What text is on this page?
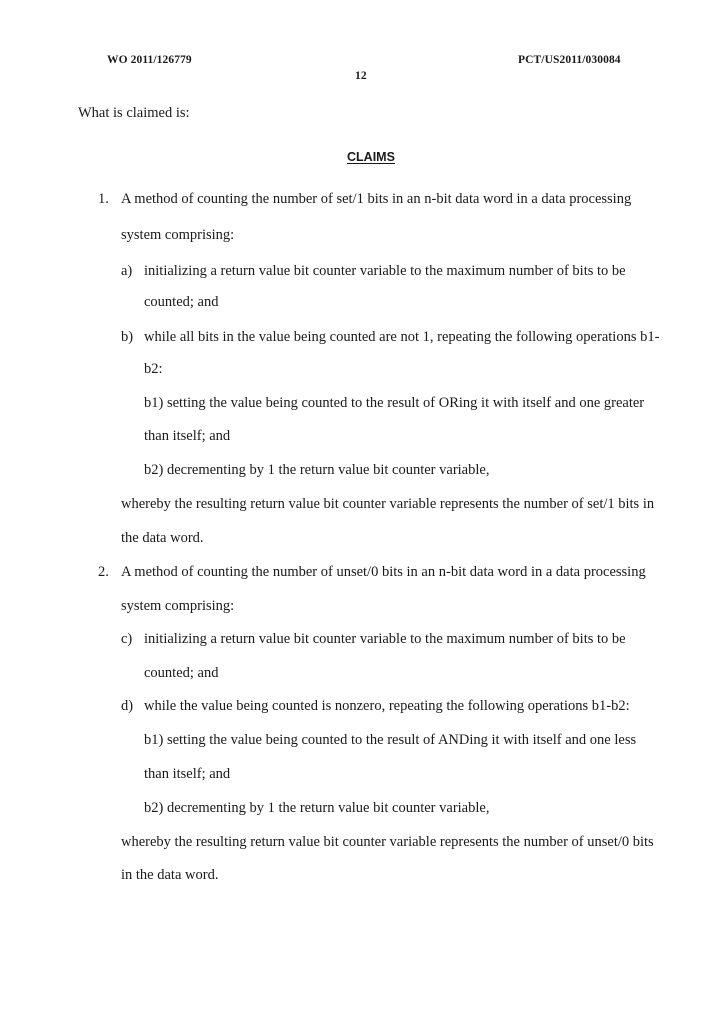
WO 2011/126779	PCT/US2011/030084
12
What is claimed is:
CLAIMS
1. A method of counting the number of set/1 bits in an n-bit data word in a data processing
system comprising:
a) initializing a return value bit counter variable to the maximum number of bits to be
counted; and
b) while all bits in the value being counted are not 1, repeating the following operations b1-
b2:
b1) setting the value being counted to the result of ORing it with itself and one greater
than itself; and
b2) decrementing by 1 the return value bit counter variable,
whereby the resulting return value bit counter variable represents the number of set/1 bits in
the data word.
2. A method of counting the number of unset/0 bits in an n-bit data word in a data processing
system comprising:
c) initializing a return value bit counter variable to the maximum number of bits to be
counted; and
d) while the value being counted is nonzero, repeating the following operations b1-b2:
b1) setting the value being counted to the result of ANDing it with itself and one less
than itself; and
b2) decrementing by 1 the return value bit counter variable,
whereby the resulting return value bit counter variable represents the number of unset/0 bits
in the data word.
